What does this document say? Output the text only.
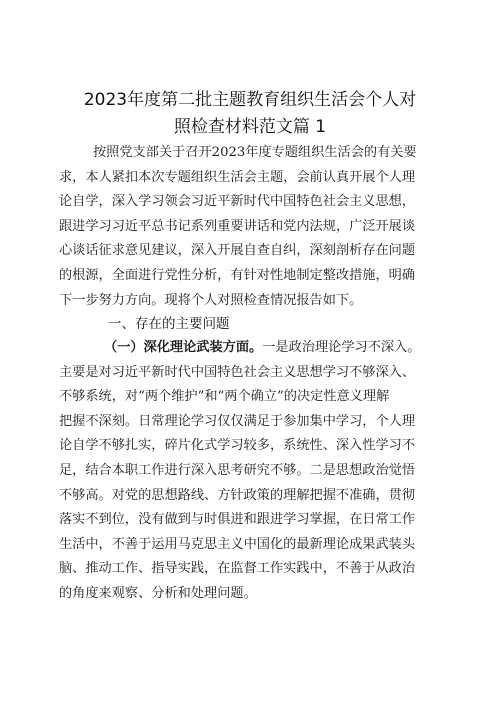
2023年度第二批主题教育组织生活会个人对
照检查材料范文篇 1
按照党支部关于召开2023年度专题组织生活会的有关要
求，本人紧扣本次专题组织生活会主题，会前认真开展个人理
论自学，深入学习领会习近平新时代中国特色社会主义思想，
跟进学习习近平总书记系列重要讲话和党内法规，广泛开展谈
心谈话征求意见建议，深入开展自查自纠，深刻剖析存在问题
的根源，全面进行党性分析，有针对性地制定整改措施，明确
下一步努力方向。现将个人对照检查情况报告如下。
一、存在的主要问题
（一）深化理论武装方面。一是政治理论学习不深入。
主要是对习近平新时代中国特色社会主义思想学习不够深入、
不够系统，对“两个维护”和“两个确立”的决定性意义理解
把握不深刻。日常理论学习仅仅满足于参加集中学习，个人理
论自学不够扎实，碎片化式学习较多，系统性、深入性学习不
足，结合本职工作进行深入思考研究不够。二是思想政治觉悟
不够高。对党的思想路线、方针政策的理解把握不准确，贯彻
落实不到位，没有做到与时俱进和跟进学习掌握，在日常工作
生活中，不善于运用马克思主义中国化的最新理论成果武装头
脑、推动工作、指导实践，在监督工作实践中，不善于从政治
的角度来观察、分析和处理问题。
